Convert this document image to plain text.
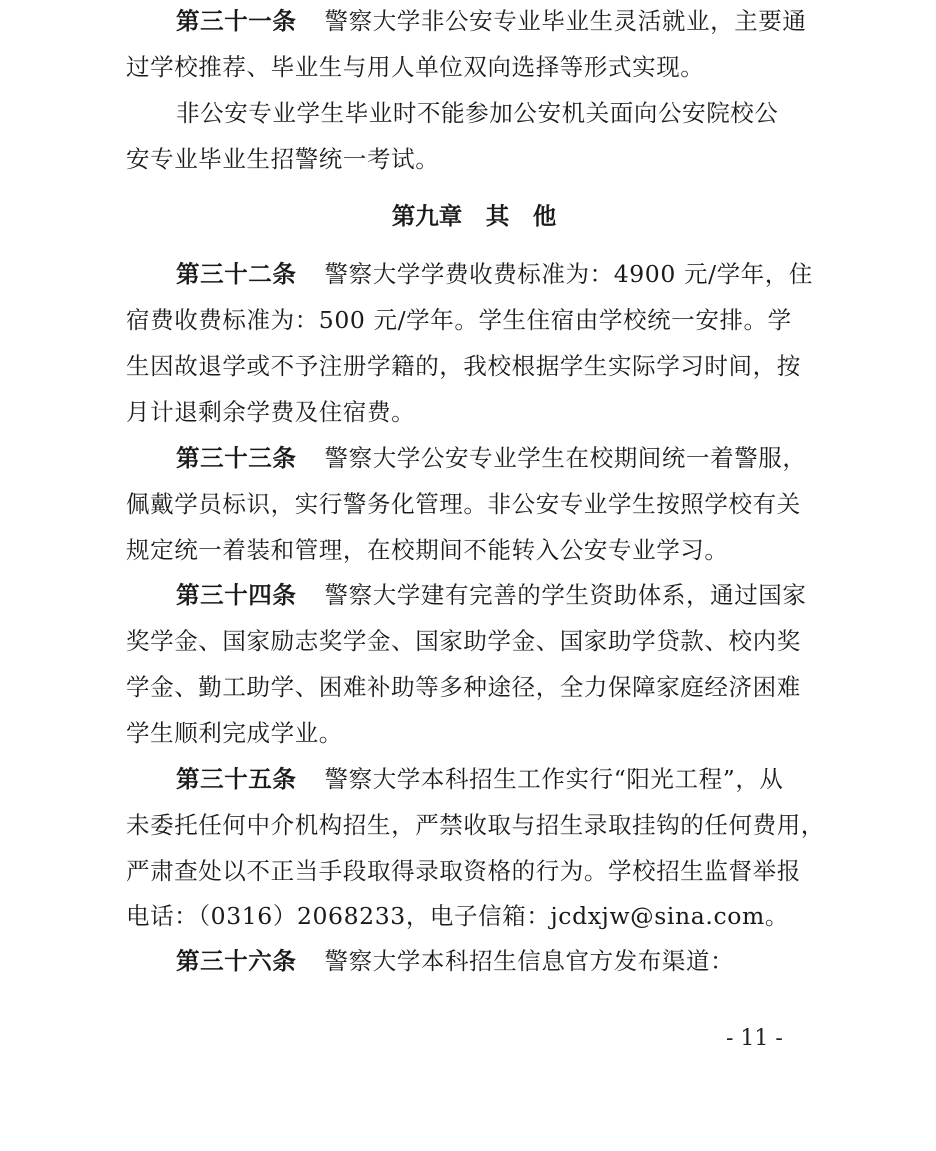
第三十一条 警察大学非公安专业毕业生灵活就业，主要通
过学校推荐、毕业生与用人单位双向选择等形式实现。
非公安专业学生毕业时不能参加公安机关面向公安院校公
安专业毕业生招警统一考试。
第九章　其　他
第三十二条 警察大学学费收费标准为：4900 元/学年，住
宿费收费标准为：500 元/学年。学生住宿由学校统一安排。学
生因故退学或不予注册学籍的，我校根据学生实际学习时间，按
月计退剩余学费及住宿费。
第三十三条 警察大学公安专业学生在校期间统一着警服，
佩戴学员标识，实行警务化管理。非公安专业学生按照学校有关
规定统一着装和管理，在校期间不能转入公安专业学习。
第三十四条 警察大学建有完善的学生资助体系，通过国家
奖学金、国家励志奖学金、国家助学金、国家助学贷款、校内奖
学金、勤工助学、困难补助等多种途径，全力保障家庭经济困难
学生顺利完成学业。
第三十五条 警察大学本科招生工作实行“阳光工程”，从
未委托任何中介机构招生，严禁收取与招生录取挂钩的任何费用，
严肃查处以不正当手段取得录取资格的行为。学校招生监督举报
电话：（0316）2068233，电子信箱：jcdxjw@sina.com。
第三十六条 警察大学本科招生信息官方发布渠道：
- 11 -
